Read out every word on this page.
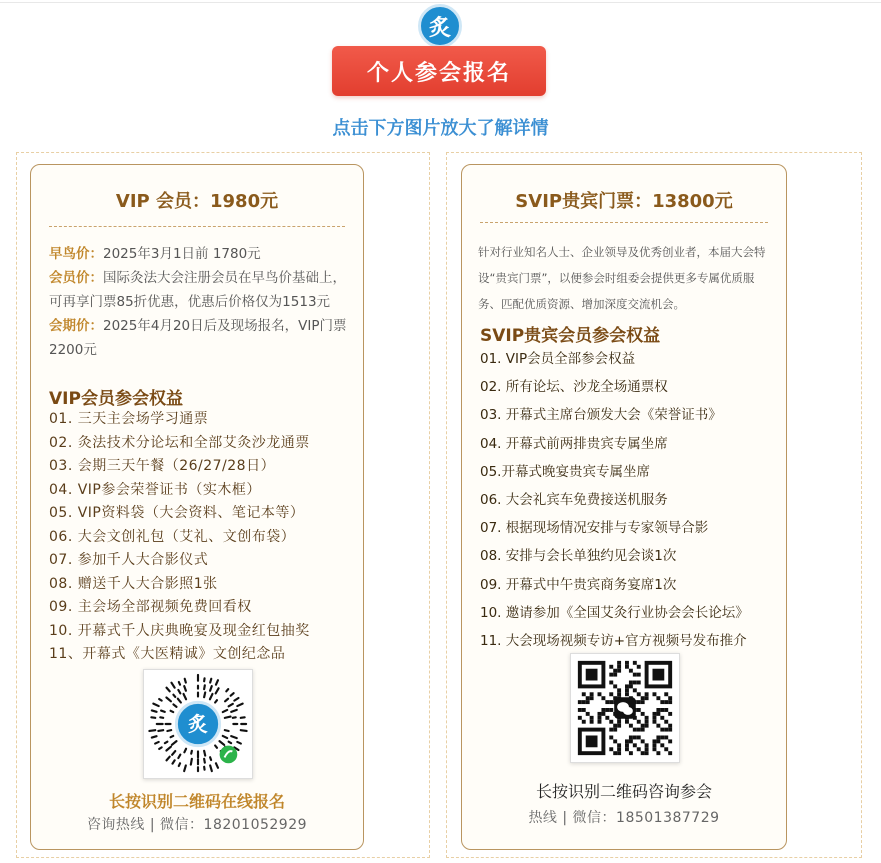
炙
个人参会报名
点击下方图片放大了解详情
VIP 会员：1980元
早鸟价：2025年3月1日前 1780元
会员价：国际灸法大会注册会员在早鸟价基础上，可再享门票85折优惠，优惠后价格仅为1513元
会期价：2025年4月20日后及现场报名，VIP门票2200元
VIP会员参会权益
01. 三天主会场学习通票
02. 灸法技术分论坛和全部艾灸沙龙通票
03. 会期三天午餐（26/27/28日）
04. VIP参会荣誉证书（实木框）
05. VIP资料袋（大会资料、笔记本等）
06. 大会文创礼包（艾礼、文创布袋）
07. 参加千人大合影仪式
08. 赠送千人大合影照1张
09. 主会场全部视频免费回看权
10. 开幕式千人庆典晚宴及现金红包抽奖
11、开幕式《大医精诚》文创纪念品
炙
长按识别二维码在线报名
咨询热线 | 微信：18201052929
SVIP贵宾门票：13800元
针对行业知名人士、企业领导及优秀创业者，本届大会特设“贵宾门票”，以便参会时组委会提供更多专属优质服务、匹配优质资源、增加深度交流机会。
SVIP贵宾会员参会权益
01. VIP会员全部参会权益
02. 所有论坛、沙龙全场通票权
03. 开幕式主席台颁发大会《荣誉证书》
04. 开幕式前两排贵宾专属坐席
05.开幕式晚宴贵宾专属坐席
06. 大会礼宾车免费接送机服务
07. 根据现场情况安排与专家领导合影
08. 安排与会长单独约见会谈1次
09. 开幕式中午贵宾商务宴席1次
10. 邀请参加《全国艾灸行业协会会长论坛》
11. 大会现场视频专访+官方视频号发布推介
长按识别二维码咨询参会
热线 | 微信：18501387729
